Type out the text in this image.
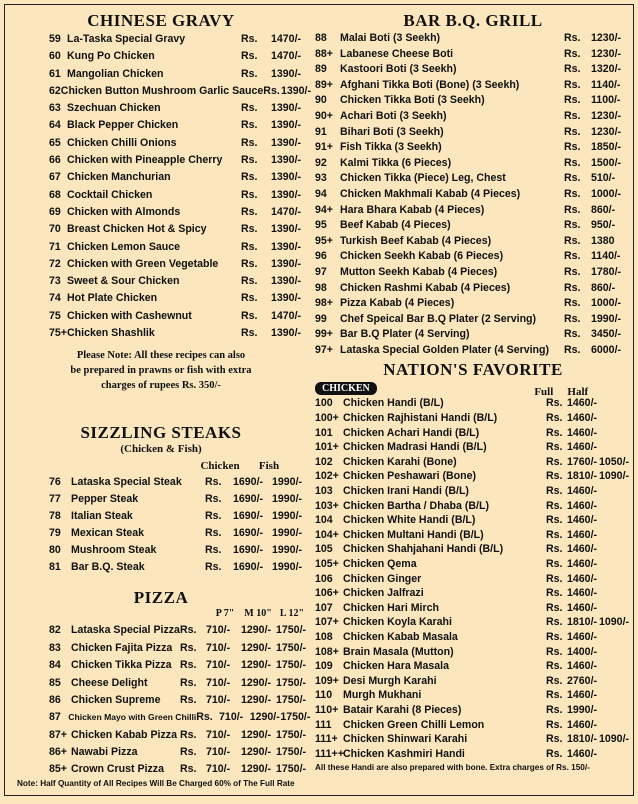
CHINESE GRAVY
59 La-Taska Special Gravy	Rs.	1470/-
60 Kung Po Chicken	Rs.	1470/-
61 Mangolian Chicken	Rs.	1390/-
62 Chicken Button Mushroom Garlic Sauce Rs. 1390/-
63 Szechuan Chicken	Rs.	1390/-
64 Black Pepper Chicken	Rs.	1390/-
65 Chicken Chilli Onions	Rs.	1390/-
66 Chicken with Pineapple Cherry	Rs.	1390/-
67 Chicken Manchurian	Rs.	1390/-
68 Cocktail Chicken	Rs.	1390/-
69 Chicken with Almonds	Rs.	1470/-
70 Breast Chicken Hot & Spicy	Rs.	1390/-
71 Chicken Lemon Sauce	Rs.	1390/-
72 Chicken with Green Vegetable	Rs.	1390/-
73 Sweet & Sour Chicken	Rs.	1390/-
74 Hot Plate Chicken	Rs.	1390/-
75 Chicken with Cashewnut	Rs.	1470/-
75+ Chicken Shashlik	Rs.	1390/-
Please Note: All these recipes can also
be prepared in prawns or fish with extra
charges of rupees Rs. 350/-
SIZZLING STEAKS
(Chicken & Fish)
Chicken	Fish
76 Lataska Special Steak	Rs.	1690/- 1990/-
77 Pepper Steak	Rs.	1690/- 1990/-
78 Italian Steak	Rs.	1690/- 1990/-
79 Mexican Steak	Rs.	1690/- 1990/-
80 Mushroom Steak	Rs.	1690/- 1990/-
81 Bar B.Q. Steak	Rs.	1690/- 1990/-
PIZZA
P 7" M 10" L 12"
82 Lataska Special Pizza Rs. 710/-	1290/- 1750/-
83 Chicken Fajita Pizza Rs. 710/-	1290/- 1750/-
84 Chicken Tikka Pizza Rs. 710/-	1290/- 1750/-
85 Cheese Delight	Rs. 710/-	1290/- 1750/-
86 Chicken Supreme	Rs. 710/-	1290/- 1750/-
87 Chicken Mayo with Green Chilli Rs. 710/- 1290/- 1750/-
87+ Chicken Kabab Pizza Rs. 710/-	1290/- 1750/-
86+ Nawabi Pizza	Rs. 710/-	1290/- 1750/-
85+ Crown Crust Pizza	Rs. 710/-	1290/- 1750/-
Note: Half Quantity of All Recipes Will Be Charged 60% of The Full Rate
BAR B.Q. GRILL
88	Malai Boti (3 Seekh)	Rs. 1230/-
88+ Labanese Cheese Boti	Rs. 1230/-
89	Kastoori Boti (3 Seekh)	Rs. 1320/-
89+ Afghani Tikka Boti (Bone) (3 Seekh)	Rs. 1140/-
90	Chicken Tikka Boti (3 Seekh)	Rs. 1100/-
90+ Achari Boti (3 Seekh)	Rs. 1230/-
91	Bihari Boti (3 Seekh)	Rs. 1230/-
91+ Fish Tikka (3 Seekh)	Rs. 1850/-
92	Kalmi Tikka (6 Pieces)	Rs. 1500/-
93	Chicken Tikka (Piece) Leg, Chest	Rs. 510/-
94	Chicken Makhmali Kabab (4 Pieces)	Rs. 1000/-
94+ Hara Bhara Kabab (4 Pieces)	Rs. 860/-
95	Beef Kabab (4 Pieces)	Rs. 950/-
95+ Turkish Beef Kabab (4 Pieces)	Rs. 1380
96	Chicken Seekh Kabab (6 Pieces)	Rs. 1140/-
97	Mutton Seekh Kabab (4 Pieces)	Rs. 1780/-
98	Chicken Rashmi Kabab (4 Pieces)	Rs. 860/-
98+ Pizza Kabab (4 Pieces)	Rs. 1000/-
99	Chef Speical Bar B.Q Plater (2 Serving)	Rs. 1990/-
99+ Bar B.Q Plater (4 Serving)	Rs. 3450/-
97+ Lataska Special Golden Plater (4 Serving)	Rs. 6000/-
NATION'S FAVORITE
CHICKEN	Full	Half
100 Chicken Handi (B/L)	Rs. 1460/-
100+ Chicken Rajhistani Handi (B/L)	Rs. 1460/-
101 Chicken Achari Handi (B/L)	Rs. 1460/-
101+ Chicken Madrasi Handi (B/L)	Rs. 1460/-
102 Chicken Karahi (Bone)	Rs. 1760/- 1050/-
102+ Chicken Peshawari (Bone)	Rs. 1810/- 1090/-
103 Chicken Irani Handi (B/L)	Rs. 1460/-
103+ Chicken Bartha / Dhaba (B/L)	Rs. 1460/-
104 Chicken White Handi (B/L)	Rs. 1460/-
104+ Chicken Multani Handi (B/L)	Rs. 1460/-
105 Chicken Shahjahani Handi (B/L)	Rs. 1460/-
105+ Chicken Qema	Rs. 1460/-
106 Chicken Ginger	Rs. 1460/-
106+ Chicken Jalfrazi	Rs. 1460/-
107 Chicken Hari Mirch	Rs. 1460/-
107+ Chicken Koyla Karahi	Rs. 1810/- 1090/-
108 Chicken Kabab Masala	Rs. 1460/-
108+ Brain Masala (Mutton)	Rs. 1400/-
109 Chicken Hara Masala	Rs. 1460/-
109+ Desi Murgh Karahi	Rs. 2760/-
110	Murgh Mukhani	Rs. 1460/-
110+ Batair Karahi (8 Pieces)	Rs. 1990/-
111	Chicken Green Chilli Lemon	Rs. 1460/-
111+ Chicken Shinwari Karahi	Rs. 1810/- 1090/-
111++ Chicken Kashmiri Handi	Rs. 1460/-
All these Handi are also prepared with bone. Extra charges of Rs. 150/-
